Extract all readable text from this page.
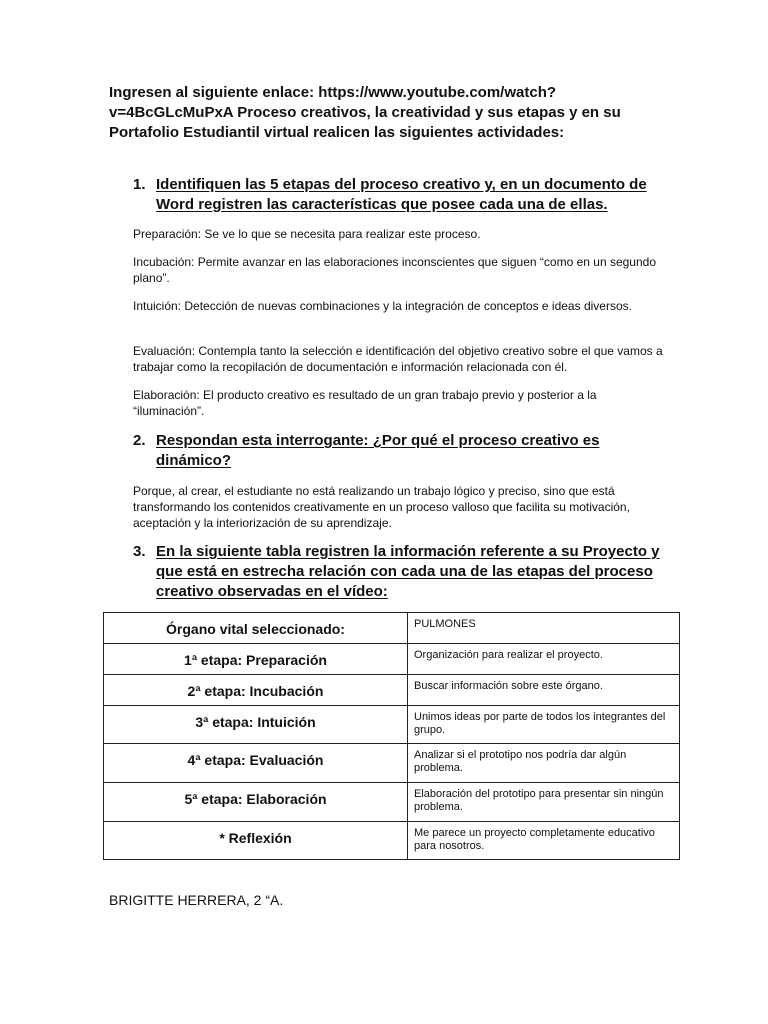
Ingresen al siguiente enlace: https://www.youtube.com/watch?v=4BcGLcMuPxA Proceso creativos, la creatividad y sus etapas y en su Portafolio Estudiantil virtual realicen las siguientes actividades:
1. Identifiquen las 5 etapas del proceso creativo y, en un documento de Word registren las características que posee cada una de ellas.
Preparación: Se ve lo que se necesita para realizar este proceso.
Incubación: Permite avanzar en las elaboraciones inconscientes que siguen “como en un segundo plano”.
Intuición: Detección de nuevas combinaciones y la integración de conceptos e ideas diversos.
Evaluación: Contempla tanto la selección e identificación del objetivo creativo sobre el que vamos a trabajar como la recopilación de documentación e información relacionada con él.
Elaboración: El producto creativo es resultado de un gran trabajo previo y posterior a la “iluminación”.
2. Respondan esta interrogante: ¿Por qué el proceso creativo es dinámico?
Porque, al crear, el estudiante no está realizando un trabajo lógico y preciso, sino que está transformando los contenidos creativamente en un proceso valloso que facilita su motivación, aceptación y la interiorización de su aprendizaje.
3. En la siguiente tabla registren la información referente a su Proyecto y que está en estrecha relación con cada una de las etapas del proceso creativo observadas en el vídeo:
Órgano vital seleccionado:	PULMONES
1ª etapa: Preparación	Organización para realizar el proyecto.
2ª etapa: Incubación	Buscar información sobre este órgano.
3ª etapa: Intuición	Unimos ideas por parte de todos los integrantes del grupo.
4ª etapa: Evaluación	Analizar si el prototipo nos podría dar algún problema.
5ª etapa: Elaboración	Elaboración del prototipo para presentar sin ningún problema.
* Reflexión	Me parece un proyecto completamente educativo para nosotros.
BRIGITTE HERRERA, 2 “A.
